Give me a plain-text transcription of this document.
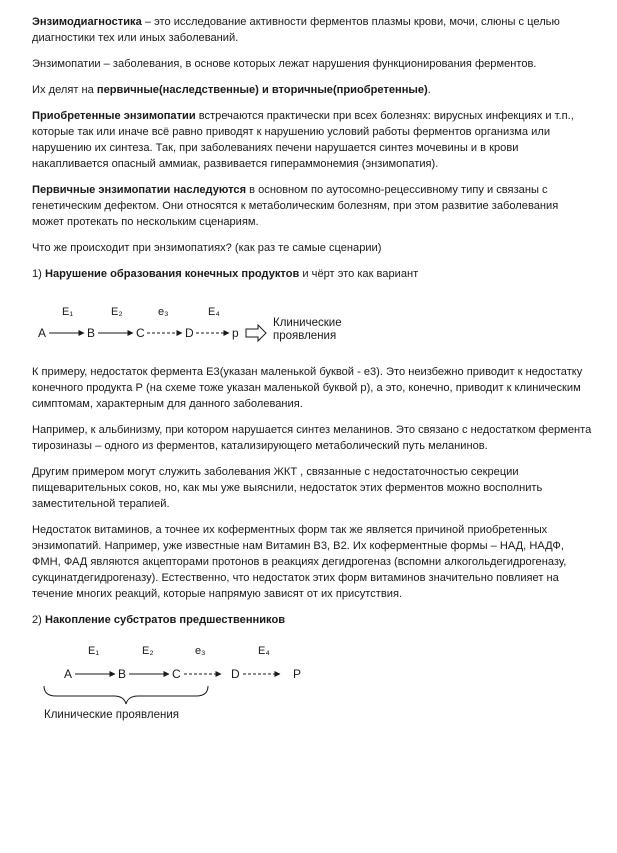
Энзимодиагностика – это исследование активности ферментов плазмы крови, мочи, слюны с целью диагностики тех или иных заболеваний.

Энзимопатии – заболевания, в основе которых лежат нарушения функционирования ферментов.

Их делят на первичные(наследственные) и вторичные(приобретенные).

Приобретенные энзимопатии встречаются практически при всех болезнях: вирусных инфекциях и т.п., которые так или иначе всё равно приводят к нарушению условий работы ферментов организма или нарушению их синтеза. Так, при заболеваниях печени нарушается синтез мочевины и в крови накапливается опасный аммиак, развивается гипераммонемия (энзимопатия).

Первичные энзимопатии наследуются в основном по аутосомно-рецессивному типу и связаны с генетическим дефектом. Они относятся к метаболическим болезням, при этом развитие заболевания может протекать по нескольким сценариям.

Что же происходит при энзимопатиях? (как раз те самые сценарии)

1) Нарушение образования конечных продуктов и чёрт это как вариант

E₁	E₂	e₃	E₄
A	B	C	D	p
Клинические
проявления

К примеру, недостаток фермента Е3(указан маленькой буквой - е3). Это неизбежно приводит к недостатку конечного продукта Р (на схеме тоже указан маленькой буквой р), а это, конечно, приводит к клиническим симптомам, характерным для данного заболевания.

Например, к альбинизму, при котором нарушается синтез меланинов. Это связано с недостатком фермента тирозиназы – одного из ферментов, катализирующего метаболический путь меланинов.

Другим примером могут служить заболевания ЖКТ , связанные с недостаточностью секреции пищеварительных соков, но, как мы уже выяснили, недостаток этих ферментов можно восполнить заместительной терапией.

Недостаток витаминов, а точнее их коферментных форм так же является причиной приобретенных энзимопатий. Например, уже известные нам Витамин В3, В2. Их коферментные формы – НАД, НАДФ, ФМН, ФАД являются акцепторами протонов в реакциях дегидрогеназ (вспомни алкогольдегидрогеназу, сукцинатдегидрогеназу). Естественно, что недостаток этих форм витаминов значительно повлияет на течение многих реакций, которые напрямую зависят от их присутствия.

2) Накопление субстратов предшественников

E₁	E₂	e₃	E₄
A	B	C	D	P
Клинические проявления
